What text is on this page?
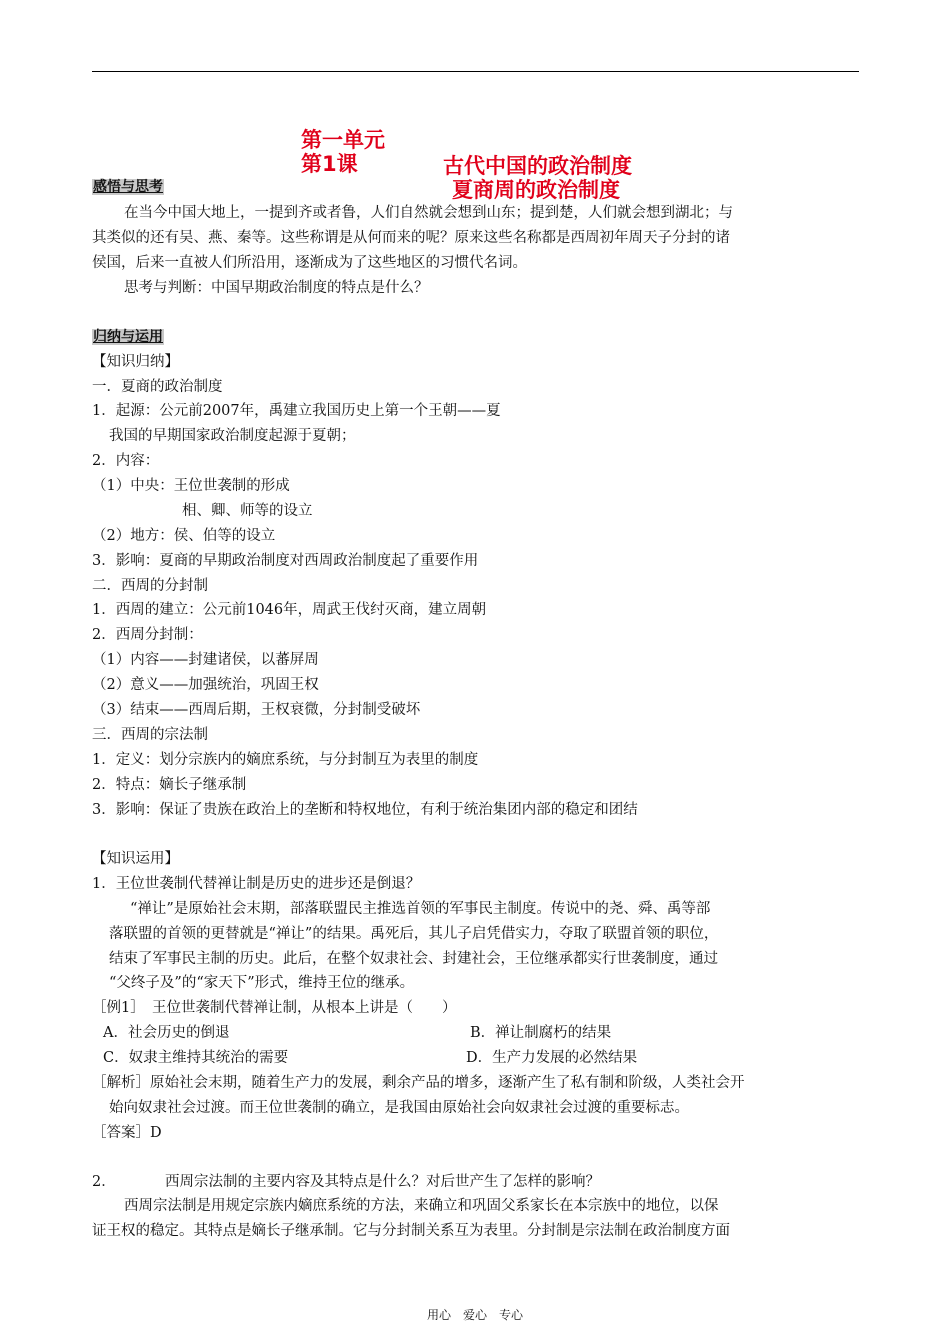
第一单元

古代中国的政治制度

第1课

夏商周的政治制度

感悟与思考
在当今中国大地上，一提到齐或者鲁，人们自然就会想到山东；提到楚，人们就会想到湖北；与
其类似的还有吴、燕、秦等。这些称谓是从何而来的呢？原来这些名称都是西周初年周天子分封的诸
侯国，后来一直被人们所沿用，逐渐成为了这些地区的习惯代名词。
思考与判断：中国早期政治制度的特点是什么？
归纳与运用
【知识归纳】
一．夏商的政治制度
1．起源：公元前2007年，禹建立我国历史上第一个王朝——夏
我国的早期国家政治制度起源于夏朝；
2．内容：
（1）中央：王位世袭制的形成
相、卿、师等的设立
（2）地方：侯、伯等的设立
3．影响：夏商的早期政治制度对西周政治制度起了重要作用
二．西周的分封制
1．西周的建立：公元前1046年，周武王伐纣灭商，建立周朝
2．西周分封制：
（1）内容——封建诸侯，以蕃屏周
（2）意义——加强统治，巩固王权
（3）结束——西周后期，王权衰微，分封制受破坏
三．西周的宗法制
1．定义：划分宗族内的嫡庶系统，与分封制互为表里的制度
2．特点：嫡长子继承制
3．影响：保证了贵族在政治上的垄断和特权地位，有利于统治集团内部的稳定和团结
【知识运用】
1．王位世袭制代替禅让制是历史的进步还是倒退？
“禅让”是原始社会末期，部落联盟民主推选首领的军事民主制度。传说中的尧、舜、禹等部
落联盟的首领的更替就是“禅让”的结果。禹死后，其儿子启凭借实力，夺取了联盟首领的职位，
结束了军事民主制的历史。此后，在整个奴隶社会、封建社会，王位继承都实行世袭制度，通过
“父终子及”的“家天下”形式，维持王位的继承。
［例1］　王位世袭制代替禅让制，从根本上讲是（　　）
A．社会历史的倒退	B．禅让制腐朽的结果
C．奴隶主维持其统治的需要	D．生产力发展的必然结果
［解析］原始社会末期，随着生产力的发展，剩余产品的增多，逐渐产生了私有制和阶级，人类社会开
始向奴隶社会过渡。而王位世袭制的确立，是我国由原始社会向奴隶社会过渡的重要标志。
［答案］D
2．	西周宗法制的主要内容及其特点是什么？对后世产生了怎样的影响？
西周宗法制是用规定宗族内嫡庶系统的方法，来确立和巩固父系家长在本宗族中的地位，以保
证王权的稳定。其特点是嫡长子继承制。它与分封制关系互为表里。分封制是宗法制在政治制度方面
用心　爱心　专心
